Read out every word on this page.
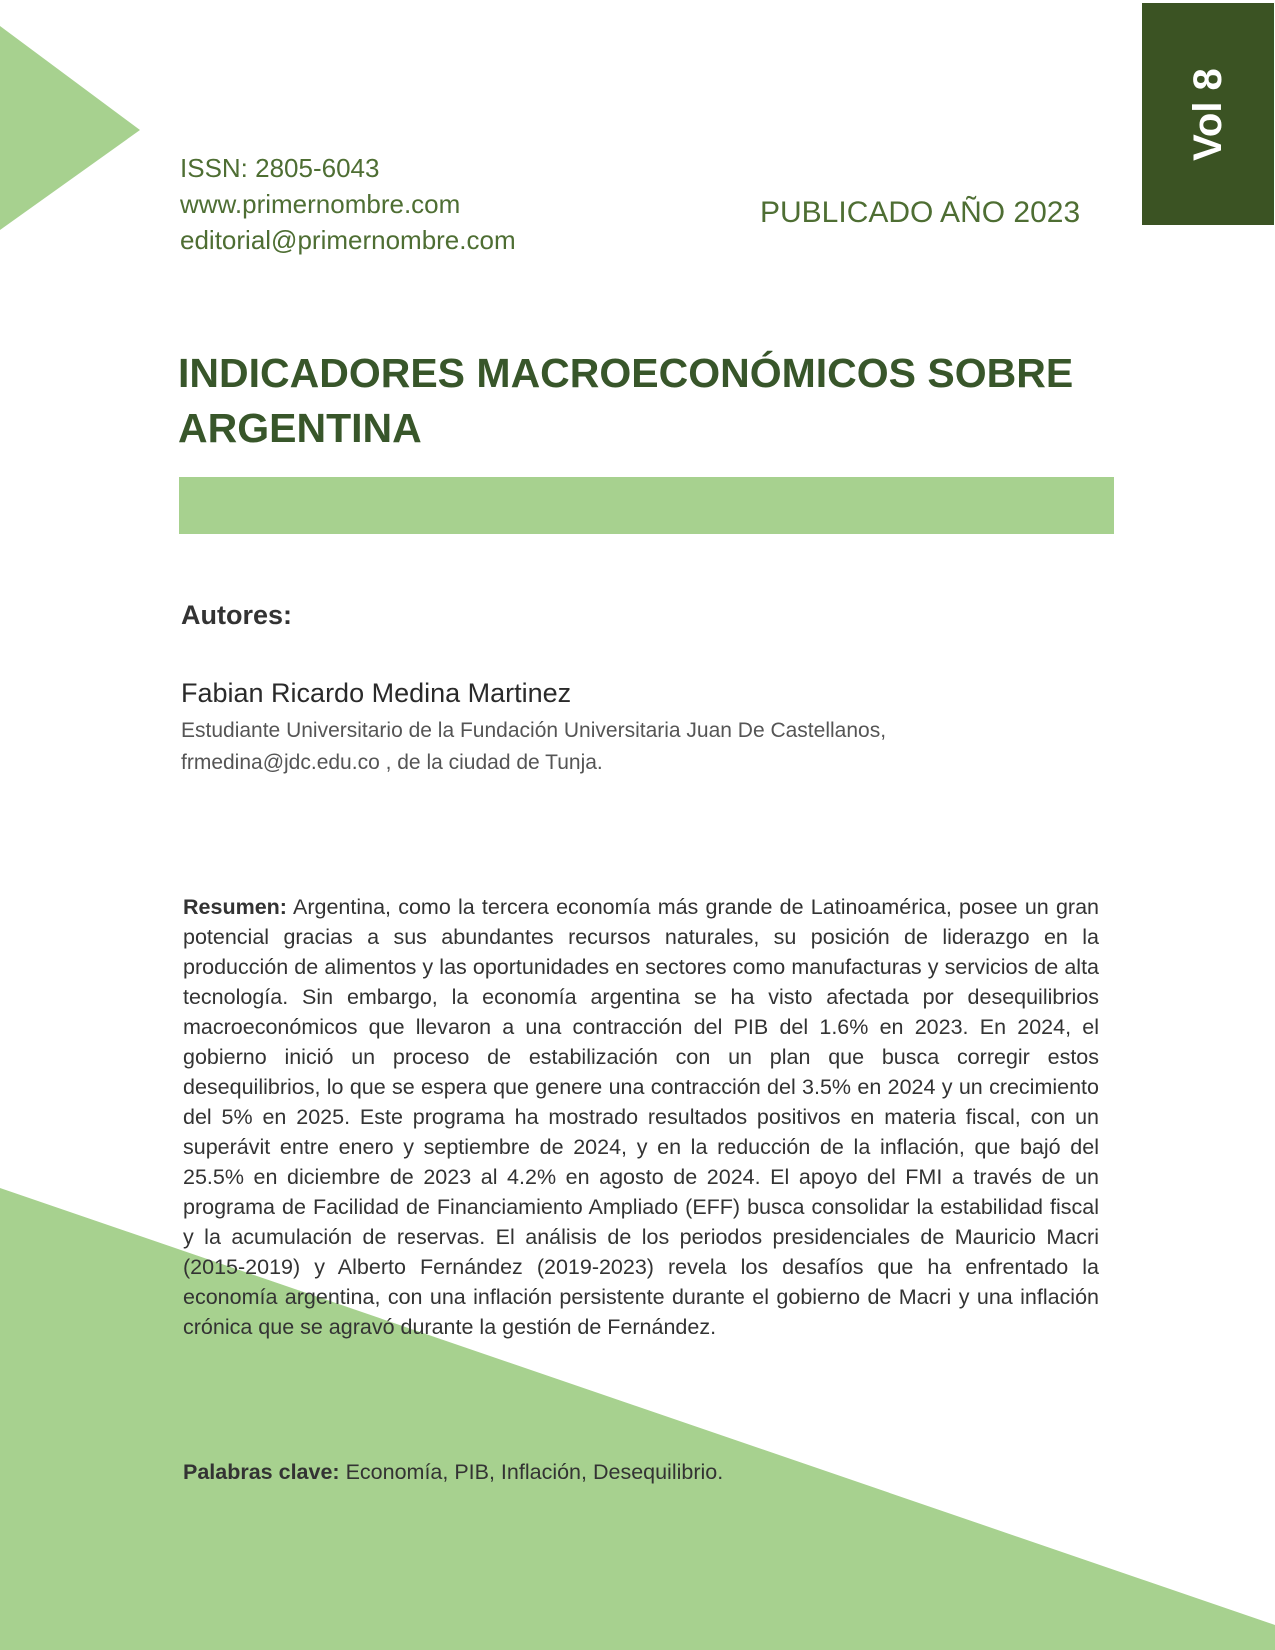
Vol 8
ISSN: 2805-6043
www.primernombre.com
editorial@primernombre.com
PUBLICADO AÑO 2023
INDICADORES MACROECONÓMICOS SOBRE ARGENTINA
Autores:
Fabian Ricardo Medina Martinez
Estudiante Universitario de la Fundación Universitaria Juan De Castellanos,
frmedina@jdc.edu.co , de la ciudad de Tunja.

Resumen: Argentina, como la tercera economía más grande de Latinoamérica, posee un gran potencial gracias a sus abundantes recursos naturales, su posición de liderazgo en la producción de alimentos y las oportunidades en sectores como manufacturas y servicios de alta tecnología. Sin embargo, la economía argentina se ha visto afectada por desequilibrios macroeconómicos que llevaron a una contracción del PIB del 1.6% en 2023. En 2024, el gobierno inició un proceso de estabilización con un plan que busca corregir estos desequilibrios, lo que se espera que genere una contracción del 3.5% en 2024 y un crecimiento del 5% en 2025. Este programa ha mostrado resultados positivos en materia fiscal, con un superávit entre enero y septiembre de 2024, y en la reducción de la inflación, que bajó del 25.5% en diciembre de 2023 al 4.2% en agosto de 2024. El apoyo del FMI a través de un programa de Facilidad de Financiamiento Ampliado (EFF) busca consolidar la estabilidad fiscal y la acumulación de reservas. El análisis de los periodos presidenciales de Mauricio Macri (2015-2019) y Alberto Fernández (2019-2023) revela los desafíos que ha enfrentado la economía argentina, con una inflación persistente durante el gobierno de Macri y una inflación crónica que se agravó durante la gestión de Fernández.

Palabras clave: Economía, PIB, Inflación, Desequilibrio.
